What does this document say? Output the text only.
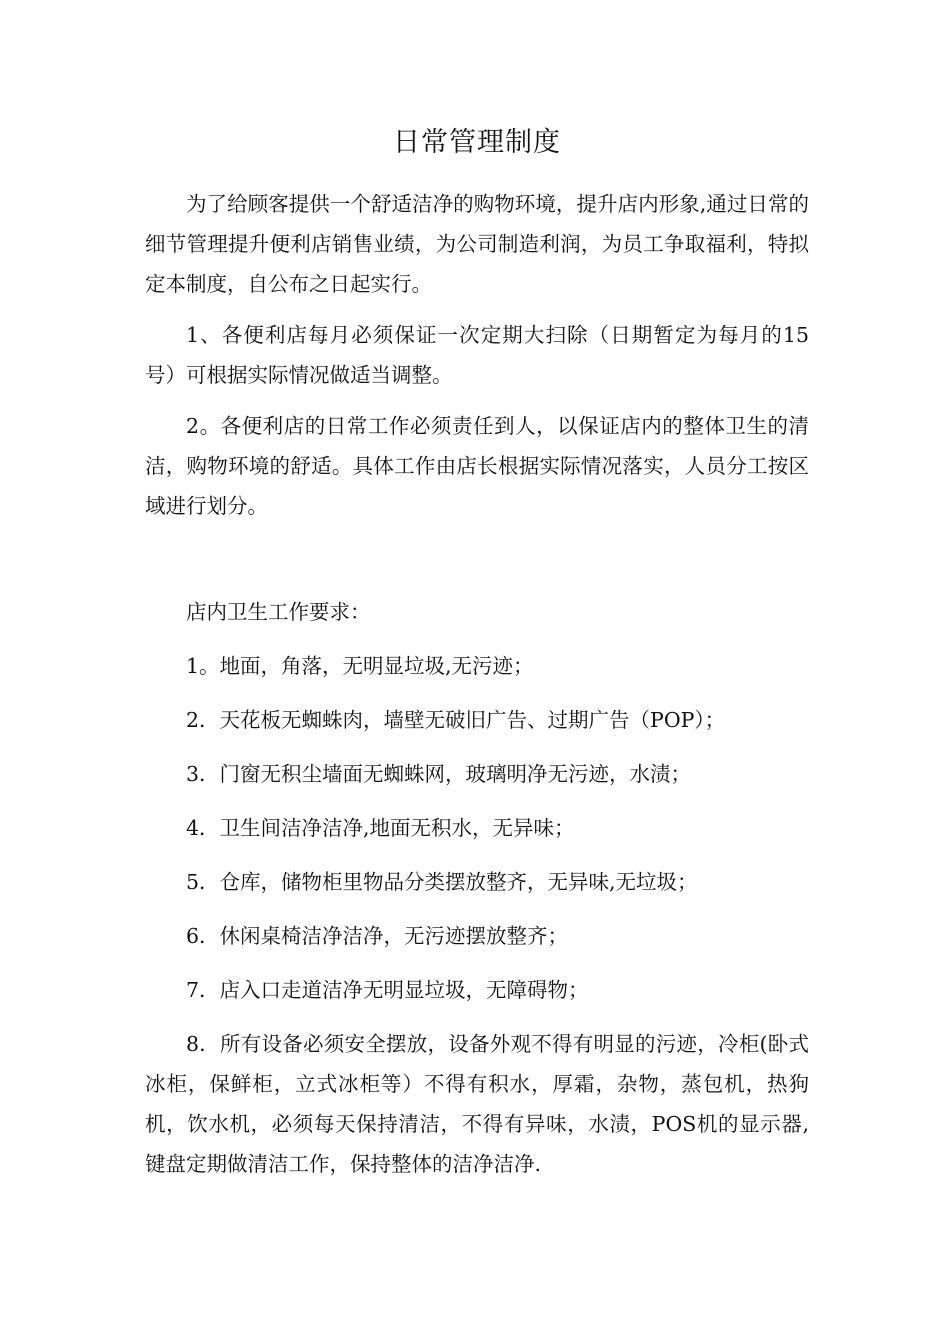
日常管理制度

为了给顾客提供一个舒适洁净的购物环境，提升店内形象,通过日常的细节管理提升便利店销售业绩，为公司制造利润，为员工争取福利，特拟定本制度，自公布之日起实行。

1、各便利店每月必须保证一次定期大扫除（日期暂定为每月的15号）可根据实际情况做适当调整。

2。各便利店的日常工作必须责任到人，以保证店内的整体卫生的清洁，购物环境的舒适。具体工作由店长根据实际情况落实，人员分工按区域进行划分。

店内卫生工作要求：

1。地面，角落，无明显垃圾,无污迹；

2．天花板无蜘蛛肉，墙壁无破旧广告、过期广告（POP）；

3．门窗无积尘墙面无蜘蛛网，玻璃明净无污迹，水渍；

4．卫生间洁净洁净,地面无积水，无异味；

5．仓库，储物柜里物品分类摆放整齐，无异味,无垃圾；

6．休闲桌椅洁净洁净，无污迹摆放整齐；

7．店入口走道洁净无明显垃圾，无障碍物；

8．所有设备必须安全摆放，设备外观不得有明显的污迹，冷柜(卧式冰柜，保鲜柜，立式冰柜等）不得有积水，厚霜，杂物，蒸包机，热狗机，饮水机，必须每天保持清洁，不得有异味，水渍，POS机的显示器,键盘定期做清洁工作，保持整体的洁净洁净.
